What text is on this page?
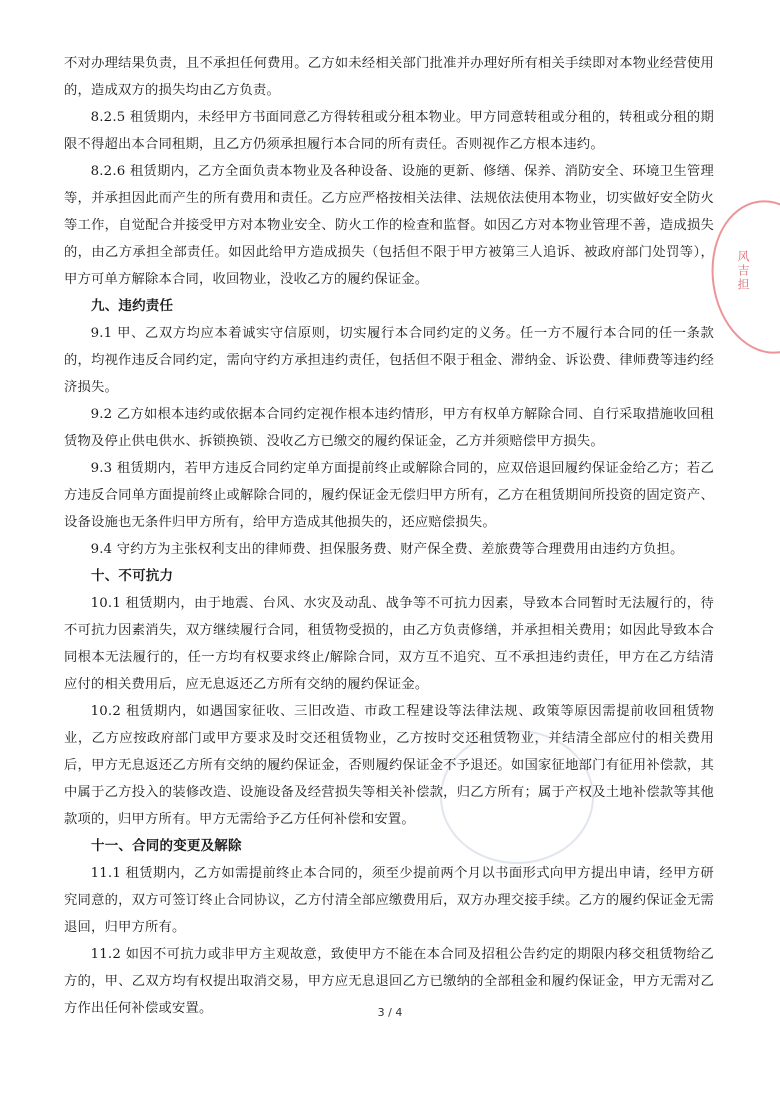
风吉担

不对办理结果负责，且不承担任何费用。乙方如未经相关部门批准并办理好所有相关手续即对本物业经营使用的，造成双方的损失均由乙方负责。

8.2.5 租赁期内，未经甲方书面同意乙方得转租或分租本物业。甲方同意转租或分租的，转租或分租的期限不得超出本合同租期，且乙方仍须承担履行本合同的所有责任。否则视作乙方根本违约。

8.2.6 租赁期内，乙方全面负责本物业及各种设备、设施的更新、修缮、保养、消防安全、环境卫生管理等，并承担因此而产生的所有费用和责任。乙方应严格按相关法律、法规依法使用本物业，切实做好安全防火等工作，自觉配合并接受甲方对本物业安全、防火工作的检查和监督。如因乙方对本物业管理不善，造成损失的，由乙方承担全部责任。如因此给甲方造成损失（包括但不限于甲方被第三人追诉、被政府部门处罚等），甲方可单方解除本合同，收回物业，没收乙方的履约保证金。

九、违约责任

9.1 甲、乙双方均应本着诚实守信原则，切实履行本合同约定的义务。任一方不履行本合同的任一条款的，均视作违反合同约定，需向守约方承担违约责任，包括但不限于租金、滞纳金、诉讼费、律师费等违约经济损失。

9.2 乙方如根本违约或依据本合同约定视作根本违约情形，甲方有权单方解除合同、自行采取措施收回租赁物及停止供电供水、拆锁换锁、没收乙方已缴交的履约保证金，乙方并须赔偿甲方损失。

9.3 租赁期内，若甲方违反合同约定单方面提前终止或解除合同的，应双倍退回履约保证金给乙方；若乙方违反合同单方面提前终止或解除合同的，履约保证金无偿归甲方所有，乙方在租赁期间所投资的固定资产、设备设施也无条件归甲方所有，给甲方造成其他损失的，还应赔偿损失。

9.4 守约方为主张权利支出的律师费、担保服务费、财产保全费、差旅费等合理费用由违约方负担。

十、不可抗力

10.1 租赁期内，由于地震、台风、水灾及动乱、战争等不可抗力因素，导致本合同暂时无法履行的，待不可抗力因素消失，双方继续履行合同，租赁物受损的，由乙方负责修缮，并承担相关费用；如因此导致本合同根本无法履行的，任一方均有权要求终止/解除合同，双方互不追究、互不承担违约责任，甲方在乙方结清应付的相关费用后，应无息返还乙方所有交纳的履约保证金。

10.2 租赁期内，如遇国家征收、三旧改造、市政工程建设等法律法规、政策等原因需提前收回租赁物业，乙方应按政府部门或甲方要求及时交还租赁物业，乙方按时交还租赁物业，并结清全部应付的相关费用后，甲方无息返还乙方所有交纳的履约保证金，否则履约保证金不予退还。如国家征地部门有征用补偿款，其中属于乙方投入的装修改造、设施设备及经营损失等相关补偿款，归乙方所有；属于产权及土地补偿款等其他款项的，归甲方所有。甲方无需给予乙方任何补偿和安置。

十一、合同的变更及解除

11.1 租赁期内，乙方如需提前终止本合同的，须至少提前两个月以书面形式向甲方提出申请，经甲方研究同意的，双方可签订终止合同协议，乙方付清全部应缴费用后，双方办理交接手续。乙方的履约保证金无需退回，归甲方所有。

11.2 如因不可抗力或非甲方主观故意，致使甲方不能在本合同及招租公告约定的期限内移交租赁物给乙方的，甲、乙双方均有权提出取消交易，甲方应无息退回乙方已缴纳的全部租金和履约保证金，甲方无需对乙方作出任何补偿或安置。	3 / 4
